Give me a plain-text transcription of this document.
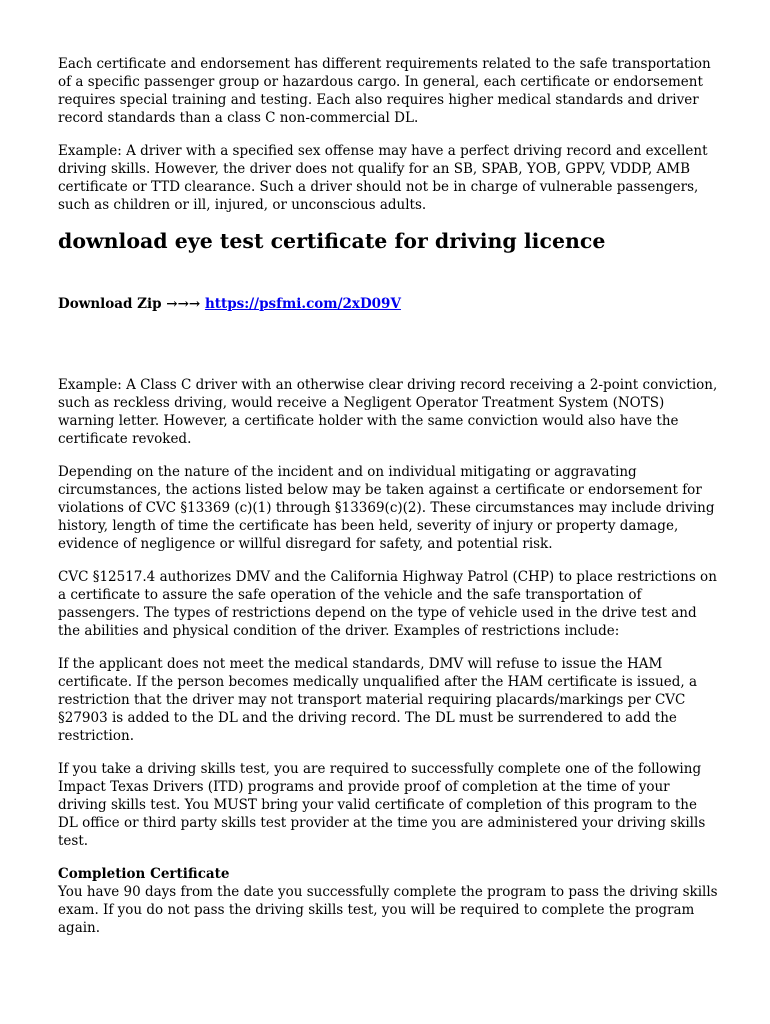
Each certificate and endorsement has different requirements related to the safe transportation of a specific passenger group or hazardous cargo. In general, each certificate or endorsement requires special training and testing. Each also requires higher medical standards and driver record standards than a class C non-commercial DL.

Example: A driver with a specified sex offense may have a perfect driving record and excellent driving skills. However, the driver does not qualify for an SB, SPAB, YOB, GPPV, VDDP, AMB certificate or TTD clearance. Such a driver should not be in charge of vulnerable passengers, such as children or ill, injured, or unconscious adults.

download eye test certificate for driving licence
Download Zip →→→ https://psfmi.com/2xD09V

Example: A Class C driver with an otherwise clear driving record receiving a 2-point conviction, such as reckless driving, would receive a Negligent Operator Treatment System (NOTS) warning letter. However, a certificate holder with the same conviction would also have the certificate revoked.

Depending on the nature of the incident and on individual mitigating or aggravating circumstances, the actions listed below may be taken against a certificate or endorsement for violations of CVC §13369 (c)(1) through §13369(c)(2). These circumstances may include driving history, length of time the certificate has been held, severity of injury or property damage, evidence of negligence or willful disregard for safety, and potential risk.

CVC §12517.4 authorizes DMV and the California Highway Patrol (CHP) to place restrictions on a certificate to assure the safe operation of the vehicle and the safe transportation of passengers. The types of restrictions depend on the type of vehicle used in the drive test and the abilities and physical condition of the driver. Examples of restrictions include:

If the applicant does not meet the medical standards, DMV will refuse to issue the HAM certificate. If the person becomes medically unqualified after the HAM certificate is issued, a restriction that the driver may not transport material requiring placards/markings per CVC §27903 is added to the DL and the driving record. The DL must be surrendered to add the restriction.

If you take a driving skills test, you are required to successfully complete one of the following Impact Texas Drivers (ITD) programs and provide proof of completion at the time of your driving skills test. You MUST bring your valid certificate of completion of this program to the DL office or third party skills test provider at the time you are administered your driving skills test.

Completion Certificate

You have 90 days from the date you successfully complete the program to pass the driving skills exam. If you do not pass the driving skills test, you will be required to complete the program again.
